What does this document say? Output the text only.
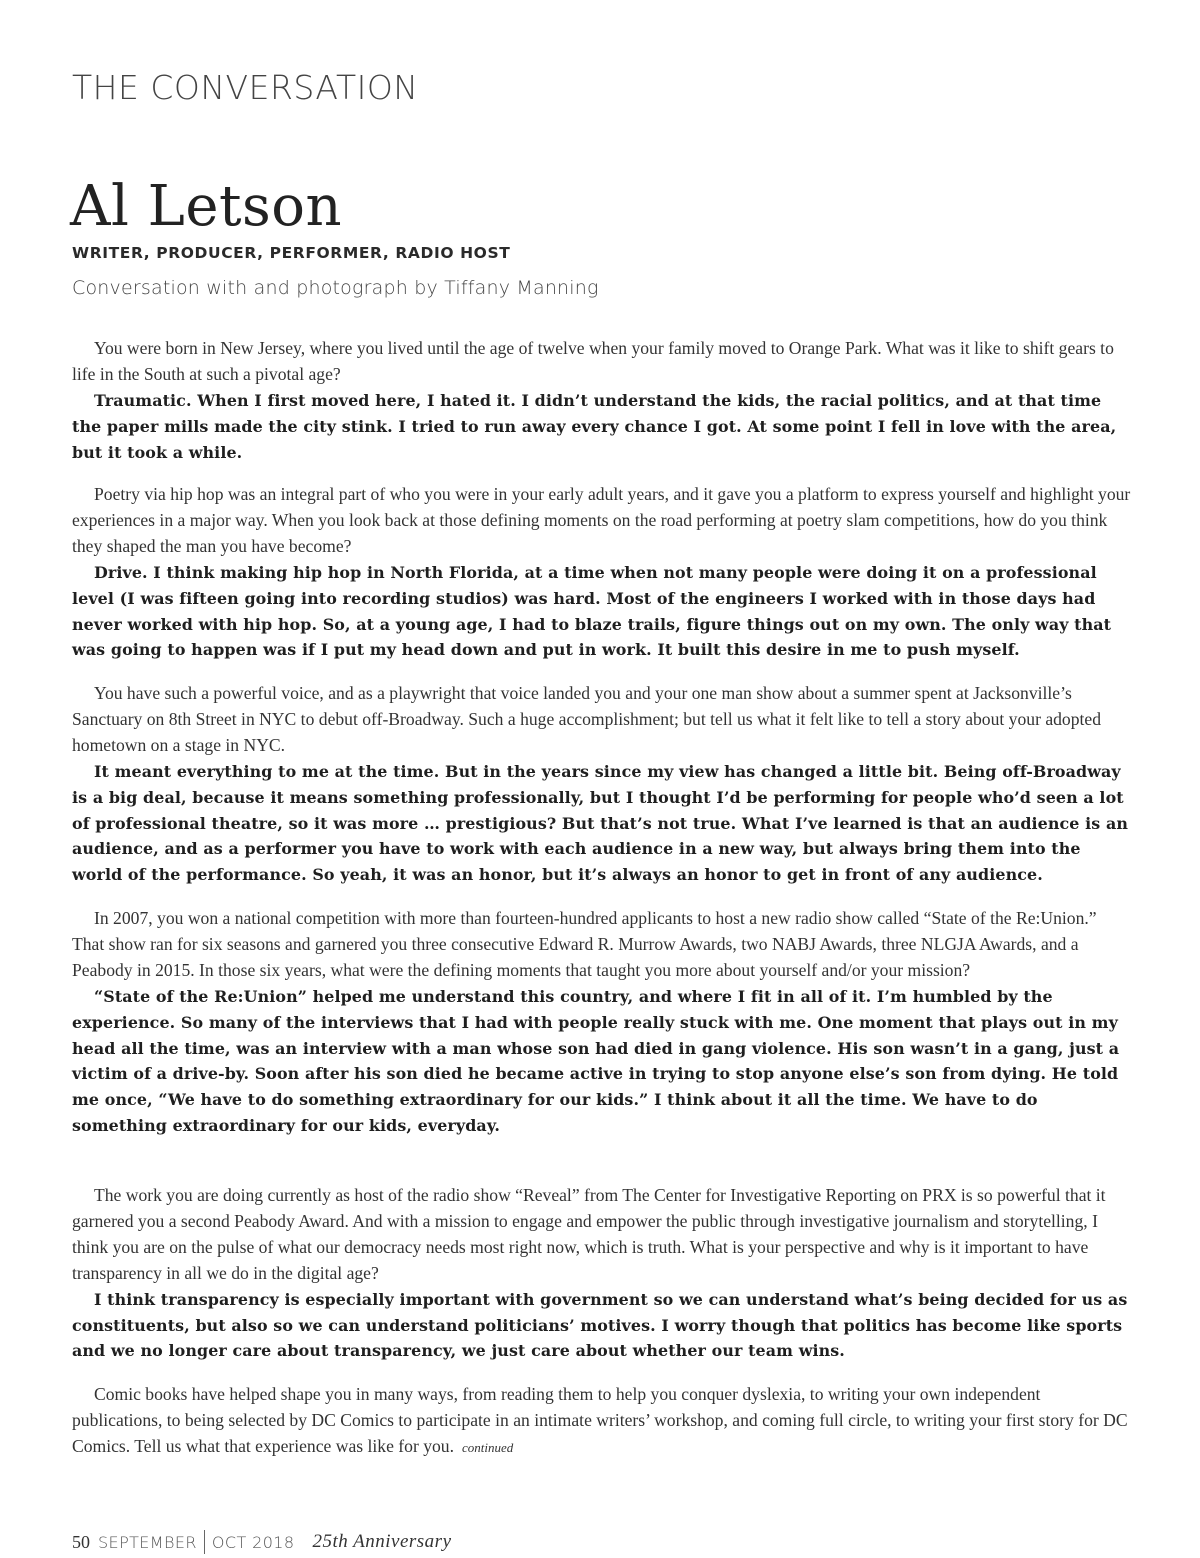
THE CONVERSATION
Al Letson
WRITER, PRODUCER, PERFORMER, RADIO HOST
Conversation with and photograph by Tiffany Manning

You were born in New Jersey, where you lived until the age of twelve when your family moved to Orange Park. What was it like to shift gears to life in the South at such a pivotal age?

Traumatic. When I first moved here, I hated it. I didn’t understand the kids, the racial politics, and at that time the paper mills made the city stink. I tried to run away every chance I got. At some point I fell in love with the area, but it took a while.

Poetry via hip hop was an integral part of who you were in your early adult years, and it gave you a platform to express yourself and highlight your experiences in a major way. When you look back at those defining moments on the road performing at poetry slam competitions, how do you think they shaped the man you have become?

Drive. I think making hip hop in North Florida, at a time when not many people were doing it on a professional level (I was fifteen going into recording studios) was hard. Most of the engineers I worked with in those days had never worked with hip hop. So, at a young age, I had to blaze trails, figure things out on my own. The only way that was going to happen was if I put my head down and put in work. It built this desire in me to push myself.

You have such a powerful voice, and as a playwright that voice landed you and your one man show about a summer spent at Jacksonville’s Sanctuary on 8th Street in NYC to debut off-Broadway. Such a huge accomplishment; but tell us what it felt like to tell a story about your adopted hometown on a stage in NYC.

It meant everything to me at the time. But in the years since my view has changed a little bit. Being off-Broadway is a big deal, because it means something professionally, but I thought I’d be performing for people who’d seen a lot of professional theatre, so it was more … prestigious? But that’s not true. What I’ve learned is that an audience is an audience, and as a performer you have to work with each audience in a new way, but always bring them into the world of the performance. So yeah, it was an honor, but it’s always an honor to get in front of any audience.

In 2007, you won a national competition with more than fourteen-hundred applicants to host a new radio show called “State of the Re:Union.” That show ran for six seasons and garnered you three consecutive Edward R. Murrow Awards, two NABJ Awards, three NLGJA Awards, and a Peabody in 2015. In those six years, what were the defining moments that taught you more about yourself and/or your mission?

“State of the Re:Union” helped me understand this country, and where I fit in all of it. I’m humbled by the experience. So many of the interviews that I had with people really stuck with me. One moment that plays out in my head all the time, was an interview with a man whose son had died in gang violence. His son wasn’t in a gang, just a victim of a drive-by. Soon after his son died he became active in trying to stop anyone else’s son from dying. He told me once, “We have to do something extraordinary for our kids.” I think about it all the time. We have to do something extraordinary for our kids, everyday.

The work you are doing currently as host of the radio show “Reveal” from The Center for Investigative Reporting on PRX is so powerful that it garnered you a second Peabody Award. And with a mission to engage and empower the public through investigative journalism and storytelling, I think you are on the pulse of what our democracy needs most right now, which is truth. What is your perspective and why is it important to have transparency in all we do in the digital age?

I think transparency is especially important with government so we can understand what’s being decided for us as constituents, but also so we can understand politicians’ motives. I worry though that politics has become like sports and we no longer care about transparency, we just care about whether our team wins.

Comic books have helped shape you in many ways, from reading them to help you conquer dyslexia, to writing your own independent publications, to being selected by DC Comics to participate in an intimate writers’ workshop, and coming full circle, to writing your first story for DC Comics. Tell us what that experience was like for you. continued

50 SEPTEMBER OCT 2018 25th Anniversary
